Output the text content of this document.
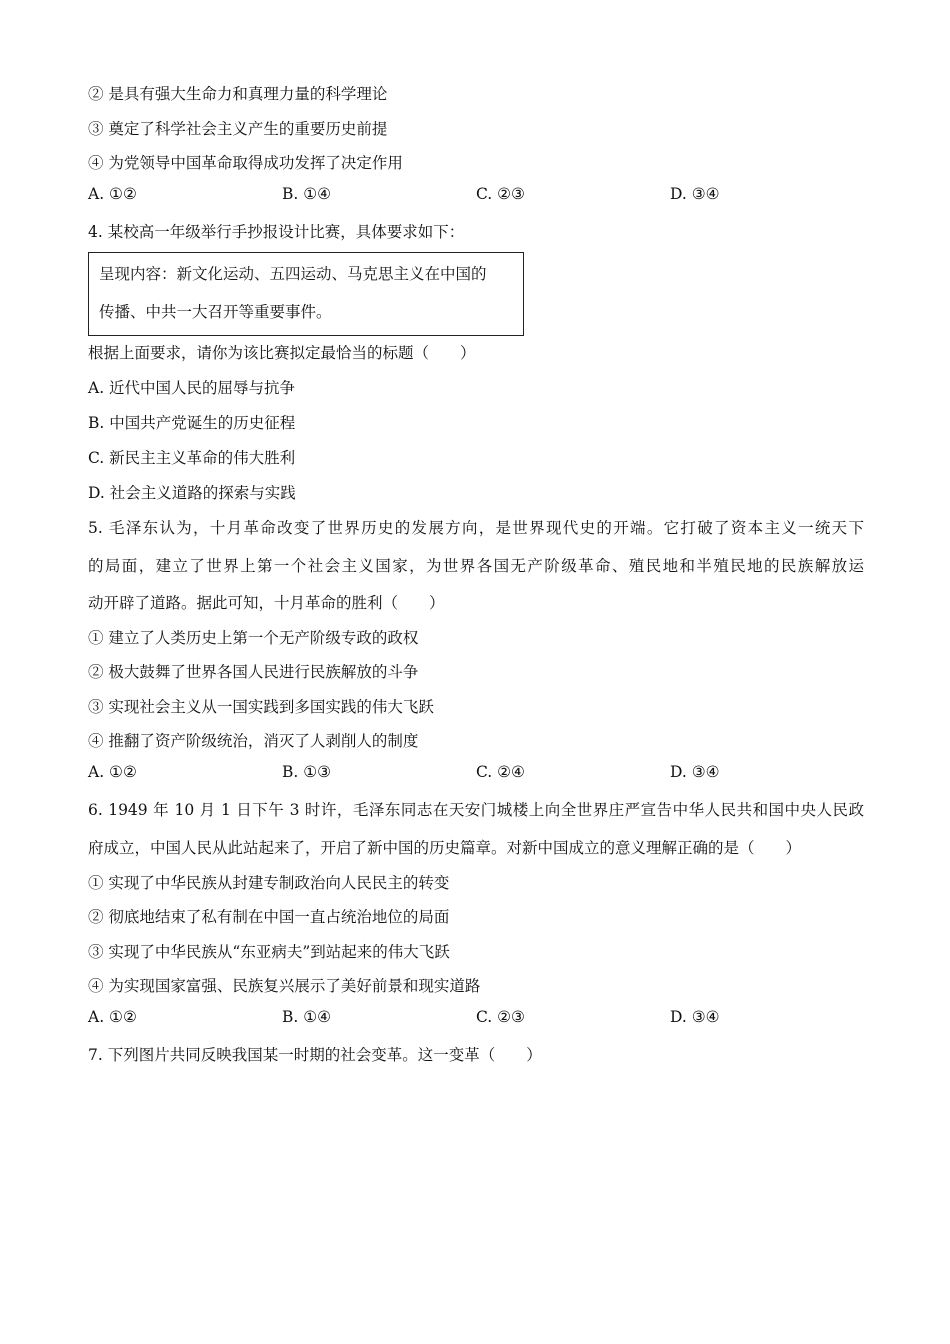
② 是具有强大生命力和真理力量的科学理论
③ 奠定了科学社会主义产生的重要历史前提
④ 为党领导中国革命取得成功发挥了决定作用
A. ①②	B. ①④	C. ②③	D. ③④
4. 某校高一年级举行手抄报设计比赛，具体要求如下：
呈现内容：新文化运动、五四运动、马克思主义在中国的
传播、中共一大召开等重要事件。
根据上面要求，请你为该比赛拟定最恰当的标题（　　）
A. 近代中国人民的屈辱与抗争
B. 中国共产党诞生的历史征程
C. 新民主主义革命的伟大胜利
D. 社会主义道路的探索与实践
5. 毛泽东认为，十月革命改变了世界历史的发展方向，是世界现代史的开端。它打破了资本主义一统天下
的局面，建立了世界上第一个社会主义国家，为世界各国无产阶级革命、殖民地和半殖民地的民族解放运
动开辟了道路。据此可知，十月革命的胜利（　　）
① 建立了人类历史上第一个无产阶级专政的政权
② 极大鼓舞了世界各国人民进行民族解放的斗争
③ 实现社会主义从一国实践到多国实践的伟大飞跃
④ 推翻了资产阶级统治，消灭了人剥削人的制度
A. ①②	B. ①③	C. ②④	D. ③④
6. 1949 年 10 月 1 日下午 3 时许，毛泽东同志在天安门城楼上向全世界庄严宣告中华人民共和国中央人民政
府成立，中国人民从此站起来了，开启了新中国的历史篇章。对新中国成立的意义理解正确的是（　　）
① 实现了中华民族从封建专制政治向人民民主的转变
② 彻底地结束了私有制在中国一直占统治地位的局面
③ 实现了中华民族从“东亚病夫”到站起来的伟大飞跃
④ 为实现国家富强、民族复兴展示了美好前景和现实道路
A. ①②	B. ①④	C. ②③	D. ③④
7. 下列图片共同反映我国某一时期的社会变革。这一变革（　　）
